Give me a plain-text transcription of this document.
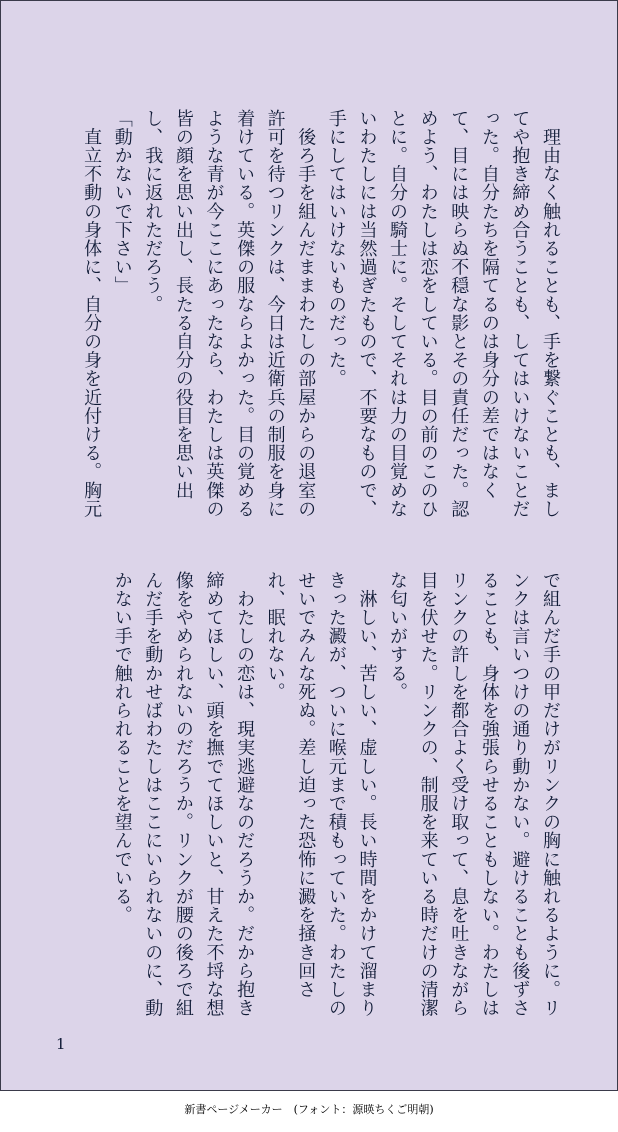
　理由なく触れることも、手を繋ぐことも、ましてや抱き締め合うことも、してはいけないことだった。自分たちを隔てるのは身分の差ではなくて、目には映らぬ不穏な影とその責任だった。認めよう、わたしは恋をしている。目の前のこのひとに。自分の騎士に。そしてそれは力の目覚めないわたしには当然過ぎたもので、不要なもので、手にしてはいけないものだった。

　後ろ手を組んだままわたしの部屋からの退室の許可を待つリンクは、今日は近衛兵の制服を身に着けている。英傑の服ならよかった。目の覚めるような青が今ここにあったなら、わたしは英傑の皆の顔を思い出し、長たる自分の役目を思い出し、我に返れただろう。

「動かないで下さい」

　直立不動の身体に、自分の身を近付ける。胸元

で組んだ手の甲だけがリンクの胸に触れるように。リンクは言いつけの通り動かない。避けることも後ずさることも、身体を強張らせることもしない。わたしはリンクの許しを都合よく受け取って、息を吐きながら目を伏せた。リンクの、制服を来ている時だけの清潔な匂いがする。

　淋しい、苦しい、虚しい。長い時間をかけて溜まりきった澱が、ついに喉元まで積もっていた。わたしのせいでみんな死ぬ。差し迫った恐怖に澱を掻き回され、眠れない。

　わたしの恋は、現実逃避なのだろうか。だから抱き締めてほしい、頭を撫でてほしいと、甘えた不埒な想像をやめられないのだろうか。リンクが腰の後ろで組んだ手を動かせばわたしはここにいられないのに、動かない手で触れられることを望んでいる。

1
新書ページメーカー　(フォント：源暎ちくご明朝)
